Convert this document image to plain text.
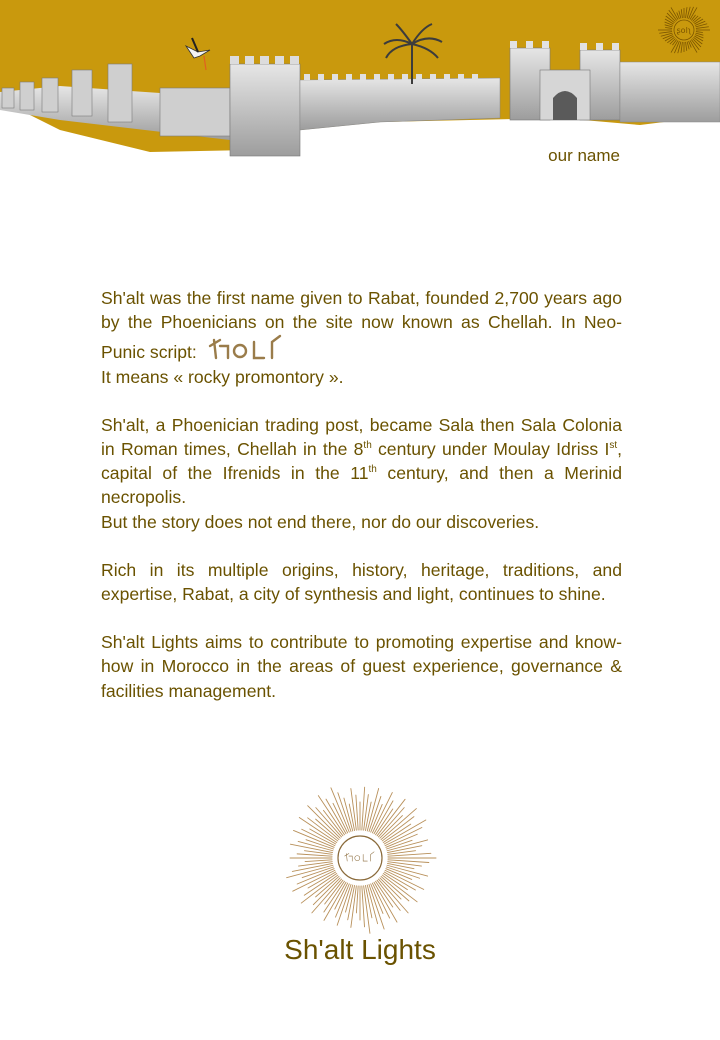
ʂolʅ
our name

Sh'alt was the first name given to Rabat, founded 2,700 years ago by the Phoenicians on the site now known as Chellah. In Neo-Punic script:
It means « rocky promontory ».

Sh'alt, a Phoenician trading post, became Sala then Sala Colonia in Roman times, Chellah in the 8th century under Moulay Idriss Ist, capital of the Ifrenids in the 11th century, and then a Merinid necropolis.
But the story does not end there, nor do our discoveries.

Rich in its multiple origins, history, heritage, traditions, and expertise, Rabat, a city of synthesis and light, continues to shine.

Sh'alt Lights aims to contribute to promoting expertise and know-how in Morocco in the areas of guest experience, governance & facilities management.

Sh'alt Lights
